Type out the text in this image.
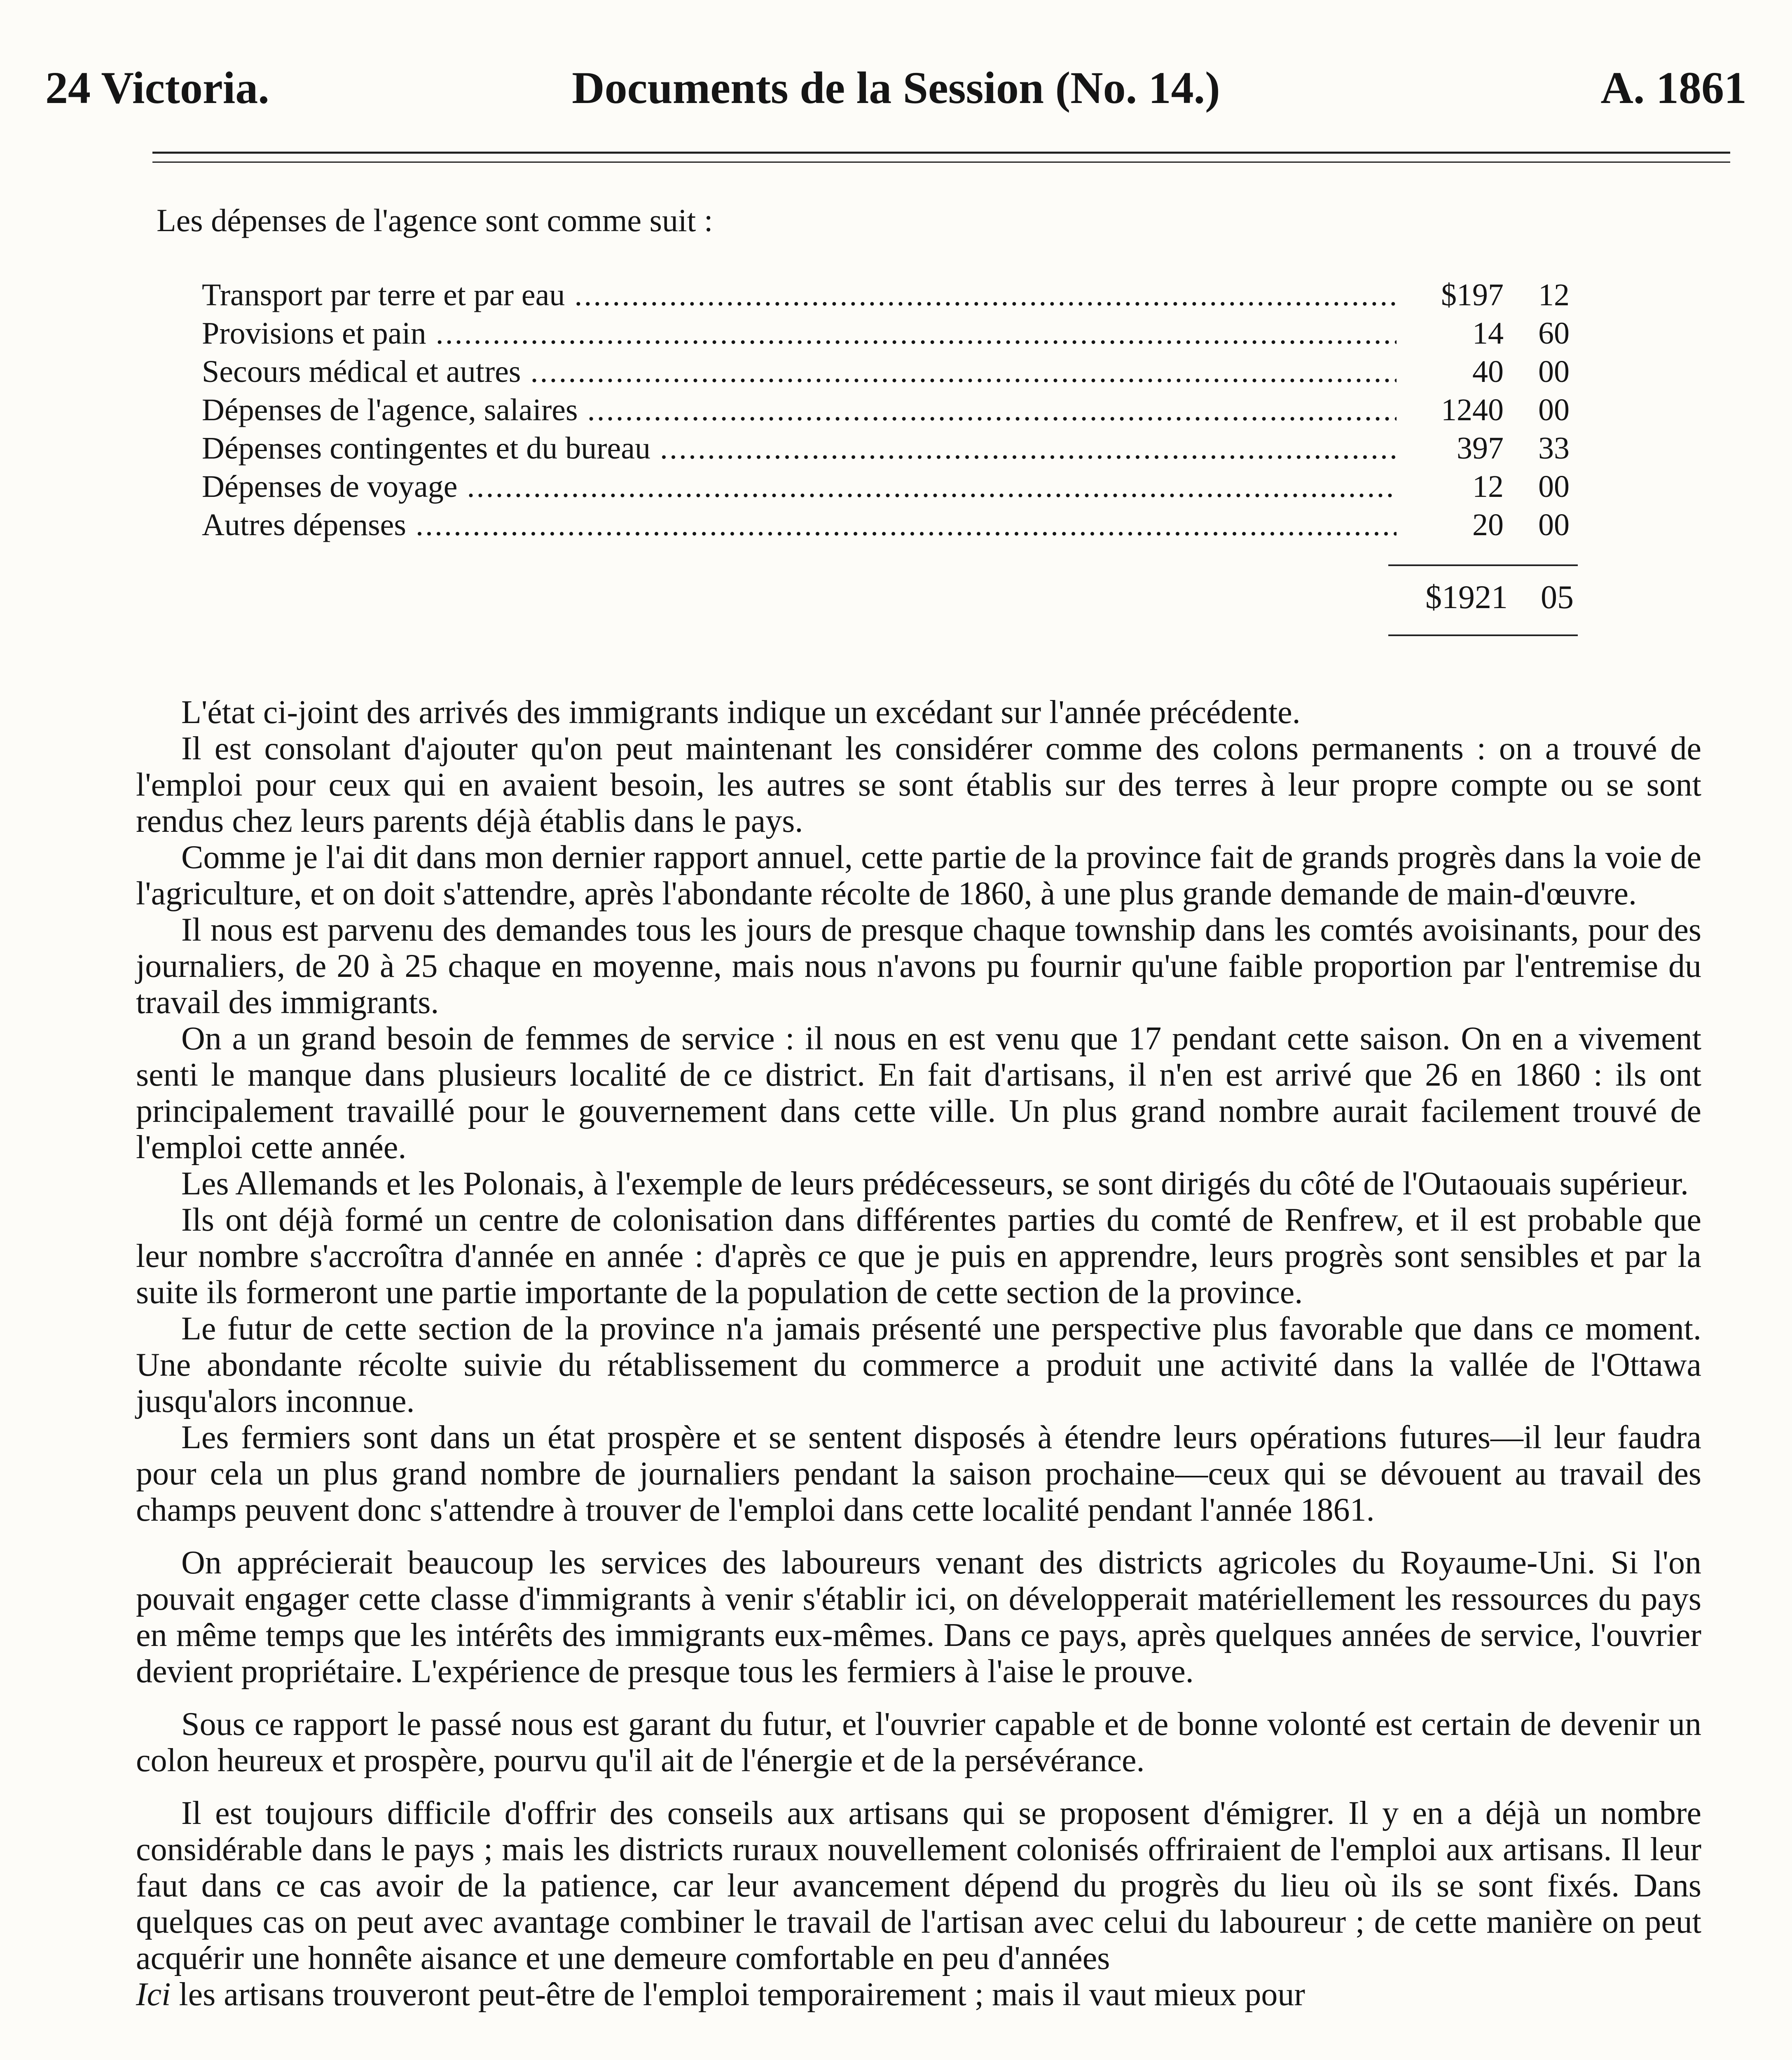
24 Victoria.	Documents de la Session (No. 14.)	A. 1861
Les dépenses de l'agence sont comme suit :
Transport par terre et par eau .....	$197	12
Provisions et pain .....	14	60
Secours médical et autres .....	40	00
Dépenses de l'agence, salaires .....	1240	00
Dépenses contingentes et du bureau .....	397	33
Dépenses de voyage .....	12	00
Autres dépenses .....	20	00
$1921	05

L'état ci-joint des arrivés des immigrants indique un excédant sur l'année précédente.

Il est consolant d'ajouter qu'on peut maintenant les considérer comme des colons permanents : on a trouvé de l'emploi pour ceux qui en avaient besoin, les autres se sont établis sur des terres à leur propre compte ou se sont rendus chez leurs parents déjà établis dans le pays.

Comme je l'ai dit dans mon dernier rapport annuel, cette partie de la province fait de grands progrès dans la voie de l'agriculture, et on doit s'attendre, après l'abondante récolte de 1860, à une plus grande demande de main-d'œuvre.

Il nous est parvenu des demandes tous les jours de presque chaque township dans les comtés avoisinants, pour des journaliers, de 20 à 25 chaque en moyenne, mais nous n'avons pu fournir qu'une faible proportion par l'entremise du travail des immigrants.

On a un grand besoin de femmes de service : il nous en est venu que 17 pendant cette saison. On en a vivement senti le manque dans plusieurs localité de ce district. En fait d'artisans, il n'en est arrivé que 26 en 1860 : ils ont principalement travaillé pour le gouvernement dans cette ville. Un plus grand nombre aurait facilement trouvé de l'emploi cette année.

Les Allemands et les Polonais, à l'exemple de leurs prédécesseurs, se sont dirigés du côté de l'Outaouais supérieur.

Ils ont déjà formé un centre de colonisation dans différentes parties du comté de Renfrew, et il est probable que leur nombre s'accroîtra d'année en année : d'après ce que je puis en apprendre, leurs progrès sont sensibles et par la suite ils formeront une partie importante de la population de cette section de la province.

Le futur de cette section de la province n'a jamais présenté une perspective plus favorable que dans ce moment. Une abondante récolte suivie du rétablissement du commerce a produit une activité dans la vallée de l'Ottawa jusqu'alors inconnue.

Les fermiers sont dans un état prospère et se sentent disposés à étendre leurs opérations futures—il leur faudra pour cela un plus grand nombre de journaliers pendant la saison prochaine—ceux qui se dévouent au travail des champs peuvent donc s'attendre à trouver de l'emploi dans cette localité pendant l'année 1861.

On apprécierait beaucoup les services des laboureurs venant des districts agricoles du Royaume-Uni. Si l'on pouvait engager cette classe d'immigrants à venir s'établir ici, on développerait matériellement les ressources du pays en même temps que les intérêts des immigrants eux-mêmes. Dans ce pays, après quelques années de service, l'ouvrier devient propriétaire. L'expérience de presque tous les fermiers à l'aise le prouve.

Sous ce rapport le passé nous est garant du futur, et l'ouvrier capable et de bonne volonté est certain de devenir un colon heureux et prospère, pourvu qu'il ait de l'énergie et de la persévérance.

Il est toujours difficile d'offrir des conseils aux artisans qui se proposent d'émigrer. Il y en a déjà un nombre considérable dans le pays ; mais les districts ruraux nouvellement colonisés offriraient de l'emploi aux artisans. Il leur faut dans ce cas avoir de la patience, car leur avancement dépend du progrès du lieu où ils se sont fixés. Dans quelques cas on peut avec avantage combiner le travail de l'artisan avec celui du laboureur ; de cette manière on peut acquérir une honnête aisance et une demeure comfortable en peu d'années

Ici les artisans trouveront peut-être de l'emploi temporairement ; mais il vaut mieux pour
